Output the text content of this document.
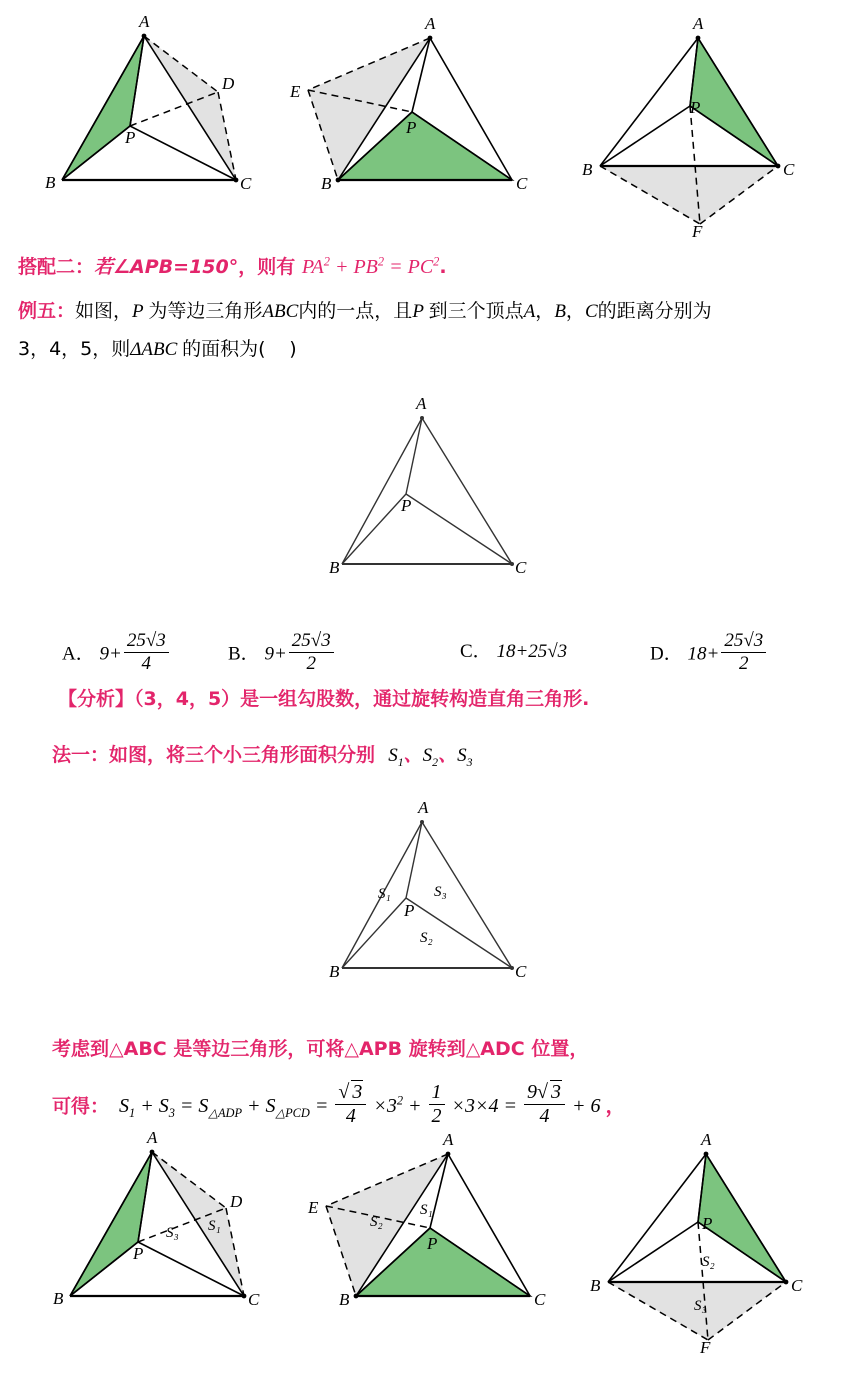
A
B	C
D
P
A
B	C
E
P
A
B	C
F
P
搭配二：若∠APB=150°，则有 $PA^2 + PB^2 = PC^2$.
例五：如图，P 为等边三角形ABC内的一点，且P 到三个顶点A，B，C的距离分别为
3，4，5，则ΔABC 的面积为( )
A
B	C
P
A． $9+ \frac{25√3}{4}$	B． $9+ \frac{25√3}{2}$	C． 18+25√3	D． $18+ \frac{25√3}{2}$
【分析】（3，4，5）是一组勾股数，通过旋转构造直角三角形.
法一：如图，将三个小三角形面积分别 $S_1$、$S_2$、$S_3$
A
B	C
P
S₁
S₂
S₃
考虑到△ABC 是等边三角形，可将△APB 旋转到△ADC 位置，
可得：  $S_1 + S_3 = S_{\triangle ADP} + S_{\triangle PCD} = \frac{√ 3}{4} \times 3^2 + \frac{1}{2} \times 3\times 4 = \frac{9√ 3}{4} + 6$ ，
A
B	C
D
P
S₃ S₁
A
B	C
E
P
S₁
S₂
A
B	C
F
P
S₂
S₃
